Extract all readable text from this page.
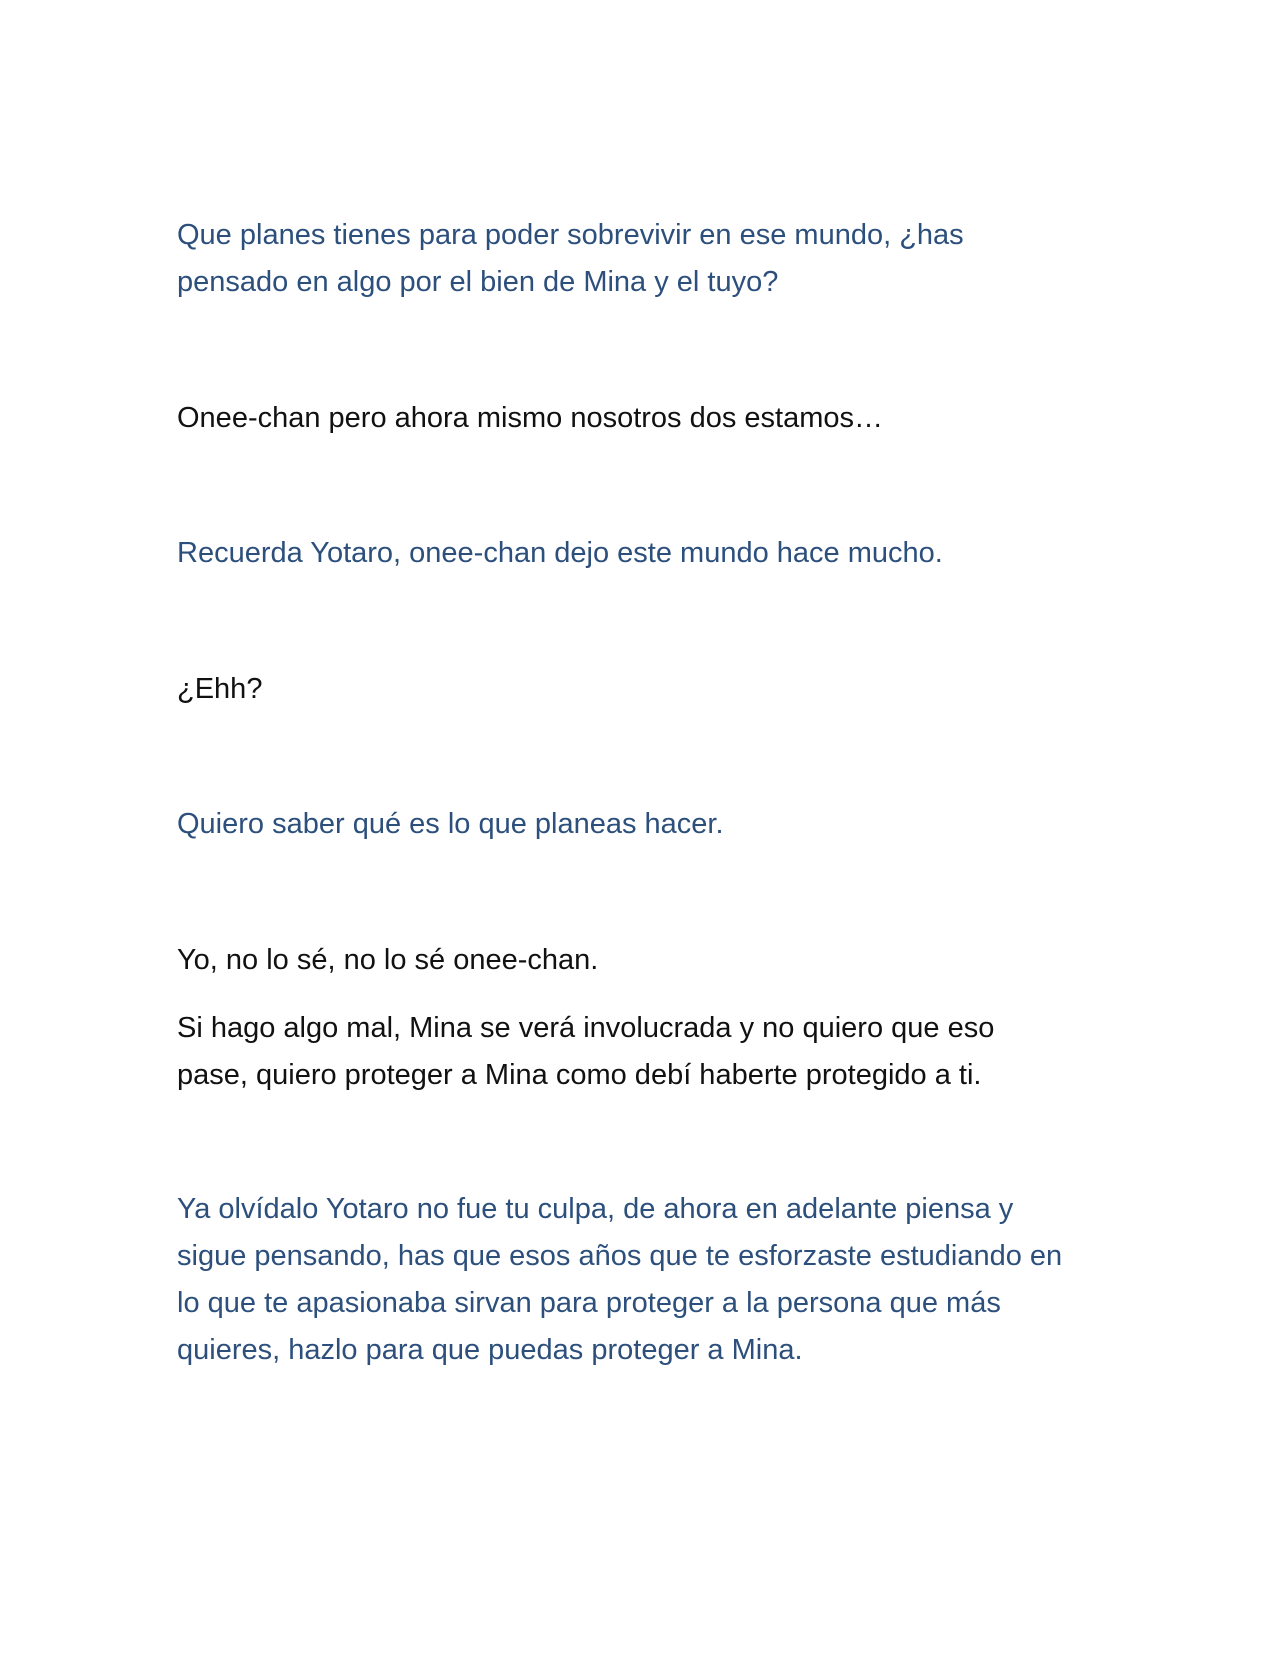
Que planes tienes para poder sobrevivir en ese mundo, ¿has
pensado en algo por el bien de Mina y el tuyo?

Onee-chan pero ahora mismo nosotros dos estamos…

Recuerda Yotaro, onee-chan dejo este mundo hace mucho.

¿Ehh?

Quiero saber qué es lo que planeas hacer.

Yo, no lo sé, no lo sé onee-chan.

Si hago algo mal, Mina se verá involucrada y no quiero que eso
pase, quiero proteger a Mina como debí haberte protegido a ti.

Ya olvídalo Yotaro no fue tu culpa, de ahora en adelante piensa y
sigue pensando, has que esos años que te esforzaste estudiando en
lo que te apasionaba sirvan para proteger a la persona que más
quieres, hazlo para que puedas proteger a Mina.
